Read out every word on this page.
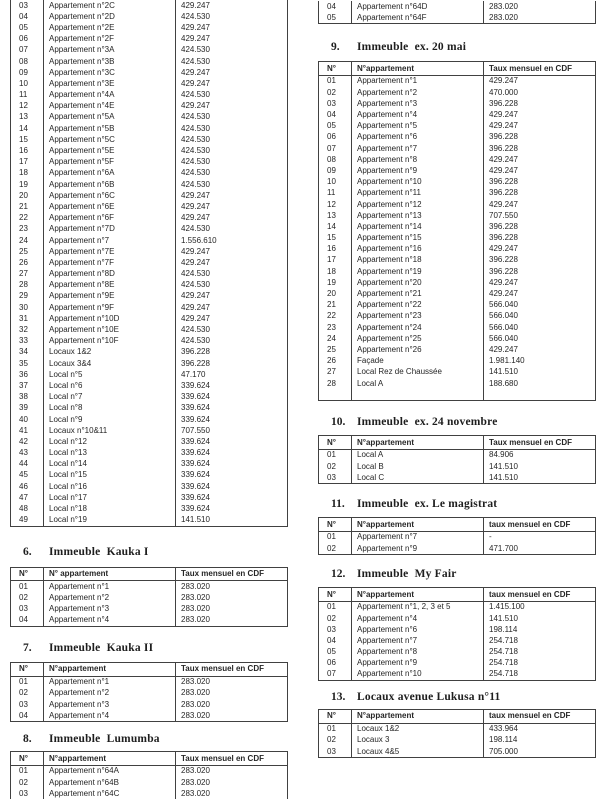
03	Appartement n°2C	429.247
04	Appartement n°2D	424.530
05	Appartement n°2E	429.247
06	Appartement n°2F	429.247
07	Appartement n°3A	424.530
08	Appartement n°3B	424.530
09	Appartement n°3C	429.247
10	Appartement n°3E	429.247
11	Appartement n°4A	424.530
12	Appartement n°4E	429.247
13	Appartement n°5A	424.530
14	Appartement n°5B	424.530
15	Appartement n°5C	424.530
16	Appartement n°5E	424.530
17	Appartement n°5F	424.530
18	Appartement n°6A	424.530
19	Appartement n°6B	424.530
20	Appartement n°6C	429.247
21	Appartement n°6E	429.247
22	Appartement n°6F	429.247
23	Appartement n°7D	424.530
24	Appartement n°7	1.556.610
25	Appartement n°7E	429.247
26	Appartement n°7F	429.247
27	Appartement n°8D	424.530
28	Appartement n°8E	424.530
29	Appartement n°9E	429.247
30	Appartement n°9F	429.247
31	Appartement n°10D	429.247
32	Appartement n°10E	424.530
33	Appartement n°10F	424.530
34	Locaux 1&2	396.228
35	Locaux 3&4	396.228
36	Local n°5	47.170
37	Local n°6	339.624
38	Local n°7	339.624
39	Local n°8	339.624
40	Local n°9	339.624
41	Locaux n°10&11	707.550
42	Local n°12	339.624
43	Local n°13	339.624
44	Local n°14	339.624
45	Local n°15	339.624
46	Local n°16	339.624
47	Local n°17	339.624
48	Local n°18	339.624
49	Local n°19	141.510
6.	Immeuble  Kauka I
N°	N° appartement	Taux mensuel en CDF
01	Appartement n°1	283.020
02	Appartement n°2	283.020
03	Appartement n°3	283.020
04	Appartement n°4	283.020
7.	Immeuble  Kauka II
N°	N°appartement	Taux mensuel en CDF
01	Appartement n°1	283.020
02	Appartement n°2	283.020
03	Appartement n°3	283.020
04	Appartement n°4	283.020
8.	Immeuble  Lumumba
N°	N°appartement	Taux mensuel en CDF
01	Appartement n°64A	283.020
02	Appartement n°64B	283.020
03	Appartement n°64C	283.020
04	Appartement n°64D	283.020
05	Appartement n°64F	283.020
9.	Immeuble  ex. 20 mai
N°	N°appartement	Taux mensuel en CDF
01	Appartement n°1	429.247
02	Appartement n°2	470.000
03	Appartement n°3	396.228
04	Appartement n°4	429.247
05	Appartement n°5	429.247
06	Appartement n°6	396.228
07	Appartement n°7	396.228
08	Appartement n°8	429.247
09	Appartement n°9	429.247
10	Appartement n°10	396.228
11	Appartement n°11	396.228
12	Appartement n°12	429.247
13	Appartement n°13	707.550
14	Appartement n°14	396.228
15	Appartement n°15	396.228
16	Appartement n°16	429.247
17	Appartement n°18	396.228
18	Appartement n°19	396.228
19	Appartement n°20	429.247
20	Appartement n°21	429.247
21	Appartement n°22	566.040
22	Appartement n°23	566.040
23	Appartement n°24	566.040
24	Appartement n°25	566.040
25	Appartement n°26	429.247
26	Façade	1.981.140
27	Local Rez de Chaussée	141.510
28	Local A	188.680

10. Immeuble  ex. 24 novembre
N°	N°appartement	Taux mensuel en CDF
01	Local A	84.906
02	Local B	141.510
03	Local C	141.510
11. Immeuble  ex. Le magistrat
N°	N°appartement	taux mensuel en CDF
01	Appartement n°7	-
02	Appartement n°9	471.700
12. Immeuble  My Fair
N°	N°appartement	taux mensuel en CDF
01	Appartement n°1, 2, 3 et 5	1.415.100
02	Appartement n°4	141.510
03	Appartement n°6	198.114
04	Appartement n°7	254.718
05	Appartement n°8	254.718
06	Appartement n°9	254.718
07	Appartement n°10	254.718
13. Locaux avenue Lukusa n°11
N°	N°appartement	taux mensuel en CDF
01	Locaux 1&2	433.964
02	Locaux 3	198.114
03	Locaux 4&5	705.000
